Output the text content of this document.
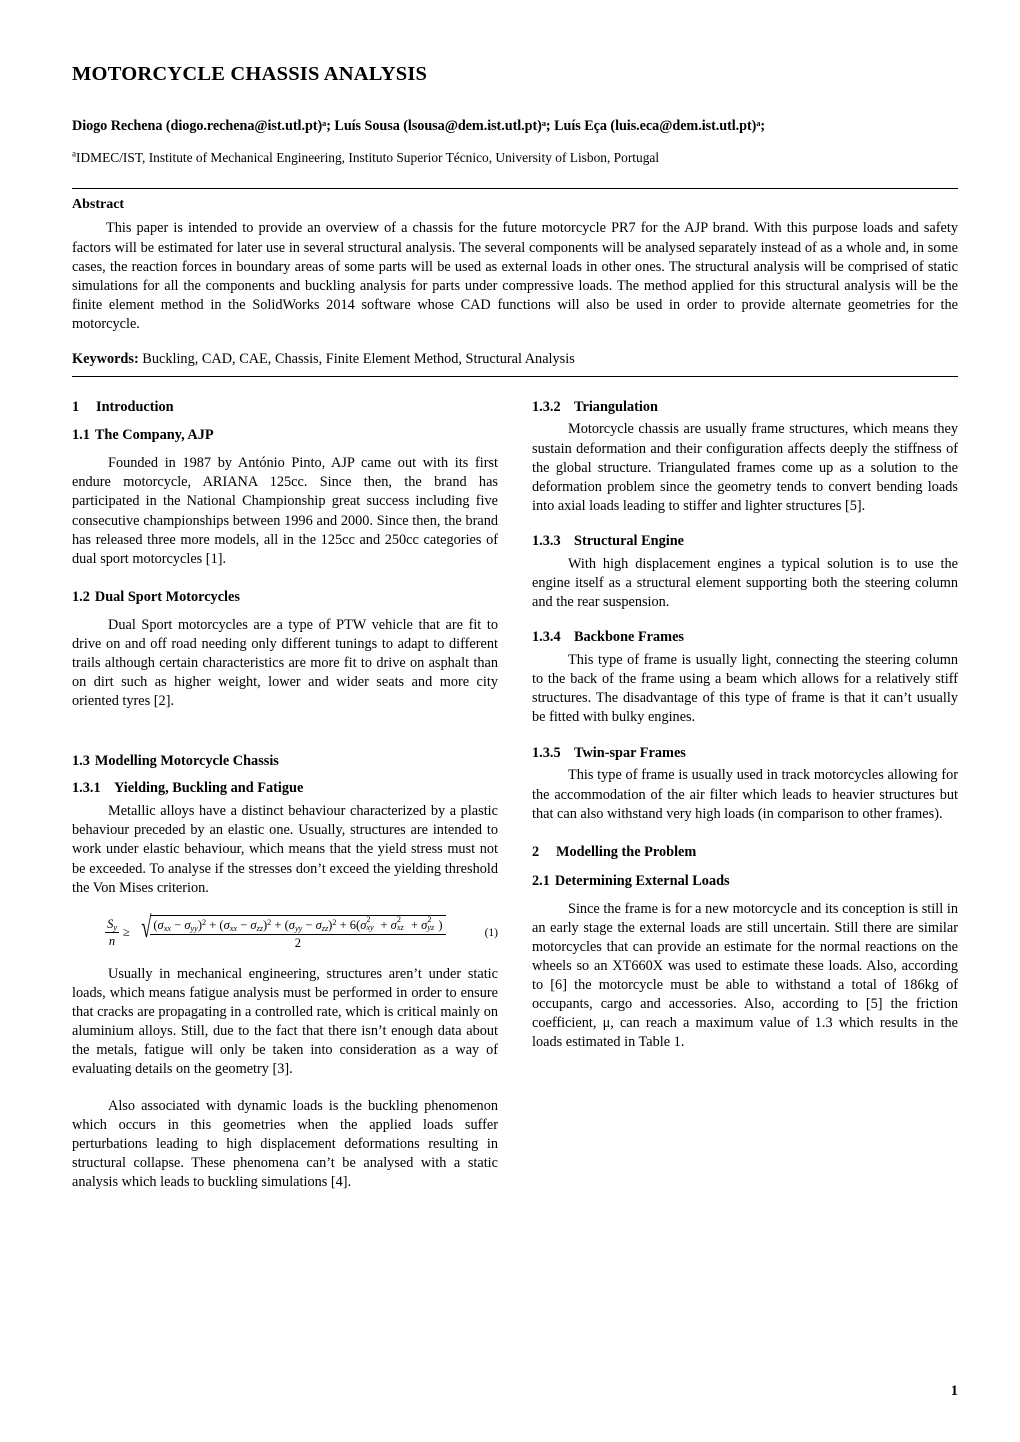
MOTORCYCLE CHASSIS ANALYSIS
Diogo Rechena (diogo.rechena@ist.utl.pt)ᵃ; Luís Sousa (lsousa@dem.ist.utl.pt)ᵃ; Luís Eça (luis.eca@dem.ist.utl.pt)ᵃ;
$^a$IDMEC/IST, Institute of Mechanical Engineering, Instituto Superior Técnico, University of Lisbon, Portugal
Abstract

This paper is intended to provide an overview of a chassis for the future motorcycle PR7 for the AJP brand. With this purpose loads and safety factors will be estimated for later use in several structural analysis. The several components will be analysed separately instead of as a whole and, in some cases, the reaction forces in boundary areas of some parts will be used as external loads in other ones. The structural analysis will be comprised of static simulations for all the components and buckling analysis for parts under compressive loads. The method applied for this structural analysis will be the finite element method in the SolidWorks 2014 software whose CAD functions will also be used in order to provide alternate geometries for the motorcycle.

Keywords: Buckling, CAD, CAE, Chassis, Finite Element Method, Structural Analysis
1	Introduction
1.1 The Company, AJP

Founded in 1987 by António Pinto, AJP came out with its first endure motorcycle, ARIANA 125cc. Since then, the brand has participated in the National Championship great success including five consecutive championships between 1996 and 2000. Since then, the brand has released three more models, all in the 125cc and 250cc categories of dual sport motorcycles [1].

1.2 Dual Sport Motorcycles

Dual Sport motorcycles are a type of PTW vehicle that are fit to drive on and off road needing only different tunings to adapt to different trails although certain characteristics are more fit to drive on asphalt than on dirt such as higher weight, lower and wider seats and more city oriented tyres [2].

1.3 Modelling Motorcycle Chassis
1.3.1 Yielding, Buckling and Fatigue

Metallic alloys have a distinct behaviour characterized by a plastic behaviour preceded by an elastic one. Usually, structures are intended to work under elastic behaviour, which means that the yield stress must not be exceeded. To analyse if the stresses don’t exceed the yielding threshold the Von Mises criterion.

$\frac{S_y}{n}$ ≥ √ $(\sigma_{xx} - \sigma_{yy})^2 + (\sigma_{xx} - \sigma_{zz})^2 + (\sigma_{yy} - \sigma_{zz})^2 + 6(\sigma$ 2
xy + σ 2
xz + σ 2
yz )
2
(1)

Usually in mechanical engineering, structures aren’t under static loads, which means fatigue analysis must be performed in order to ensure that cracks are propagating in a controlled rate, which is critical mainly on aluminium alloys. Still, due to the fact that there isn’t enough data about the metals, fatigue will only be taken into consideration as a way of evaluating details on the geometry [3].

Also associated with dynamic loads is the buckling phenomenon which occurs in this geometries when the applied loads suffer perturbations leading to high displacement deformations resulting in structural collapse. These phenomena can’t be analysed with a static analysis which leads to buckling simulations [4].

1.3.2 Triangulation

Motorcycle chassis are usually frame structures, which means they sustain deformation and their configuration affects deeply the stiffness of the global structure. Triangulated frames come up as a solution to the deformation problem since the geometry tends to convert bending loads into axial loads leading to stiffer and lighter structures [5].

1.3.3 Structural Engine

With high displacement engines a typical solution is to use the engine itself as a structural element supporting both the steering column and the rear suspension.

1.3.4 Backbone Frames

This type of frame is usually light, connecting the steering column to the back of the frame using a beam which allows for a relatively stiff structures. The disadvantage of this type of frame is that it can’t usually be fitted with bulky engines.

1.3.5 Twin-spar Frames

This type of frame is usually used in track motorcycles allowing for the accommodation of the air filter which leads to heavier structures but that can also withstand very high loads (in comparison to other frames).

2	Modelling the Problem
2.1 Determining External Loads

Since the frame is for a new motorcycle and its conception is still in an early stage the external loads are still uncertain. Still there are similar motorcycles that can provide an estimate for the normal reactions on the wheels so an XT660X was used to estimate these loads. Also, according to [6] the motorcycle must be able to withstand a total of 186kg of occupants, cargo and accessories. Also, according to [5] the friction coefficient, μ, can reach a maximum value of 1.3 which results in the loads estimated in Table 1.

1
